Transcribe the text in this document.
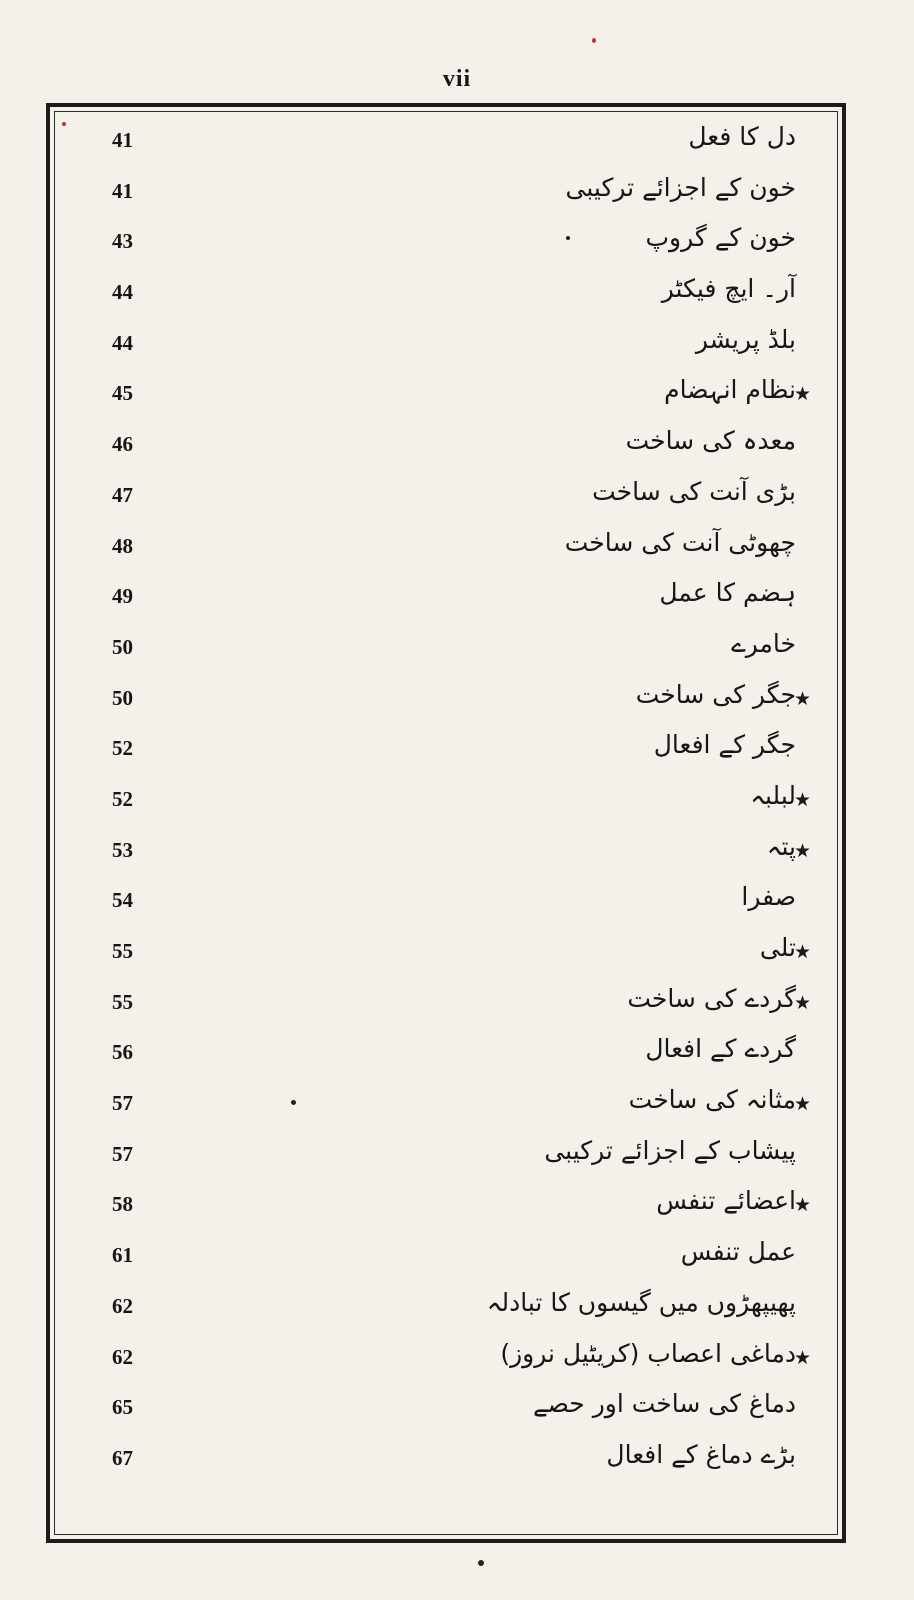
vii
41	دل کا فعل
41	خون کے اجزائے ترکیبی
43	خون کے گروپ
44	آر۔ ایچ فیکٹر
44	بلڈ پریشر
45	نظام انہضام
★
46	معدہ کی ساخت
47	بڑی آنت کی ساخت
48	چھوٹی آنت کی ساخت
49	ہضم کا عمل
50	خامرے
50	جگر کی ساخت
★
52	جگر کے افعال
52	لبلبہ
★
53	پتہ
★
54	صفرا
55	تلی
★
55	گردے کی ساخت
★
56	گردے کے افعال
57	مثانہ کی ساخت
★
57	پیشاب کے اجزائے ترکیبی
58	اعضائے تنفس
★
61	عمل تنفس
62	پھیپھڑوں میں گیسوں کا تبادلہ
62	دماغی اعصاب (کریٹیل نروز)
★
65	دماغ کی ساخت اور حصے
67	بڑے دماغ کے افعال
